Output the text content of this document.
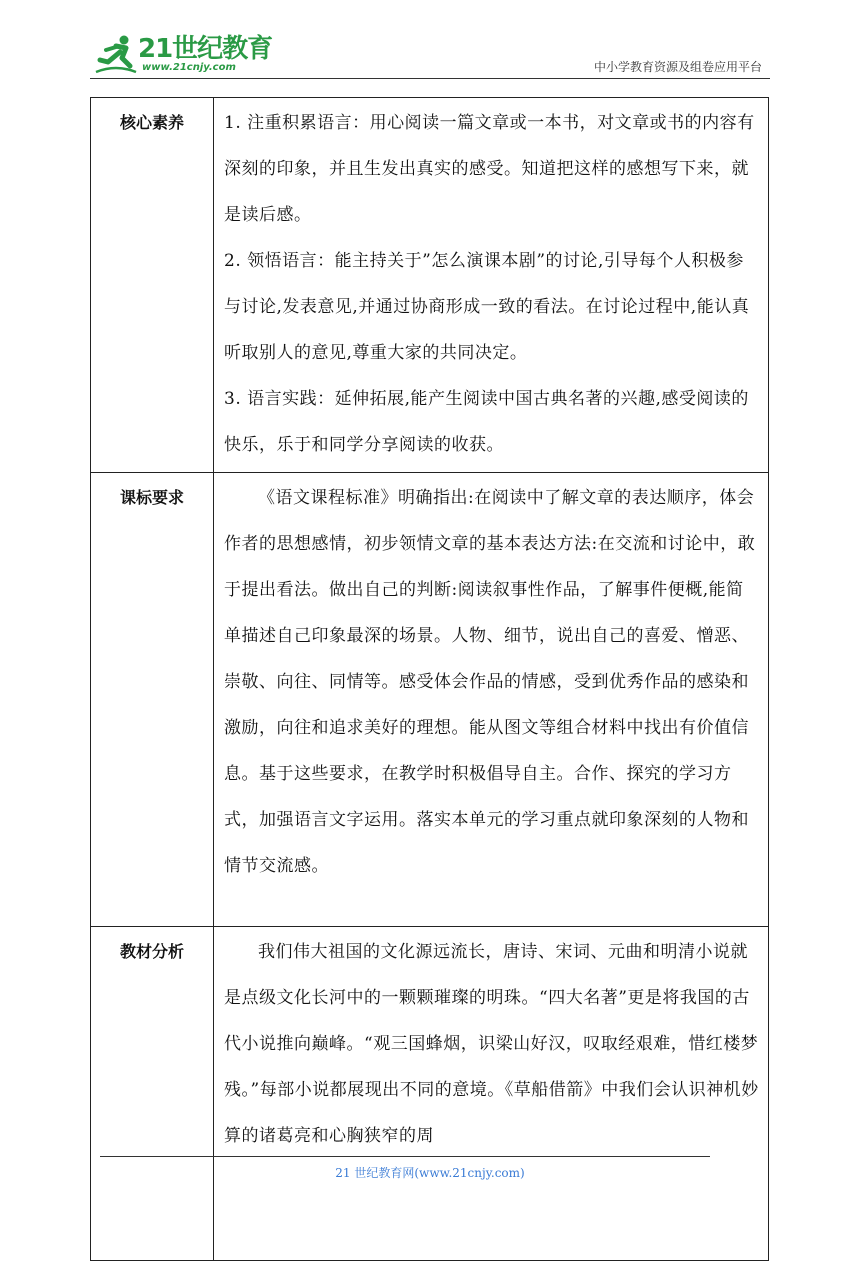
21世纪教育
www.21cnjy.com	中小学教育资源及组卷应用平台
核心素养	1. 注重积累语言：用心阅读一篇文章或一本书，对文章或书的内容有深刻的印象，并且生发出真实的感受。知道把这样的感想写下来，就是读后感。

2. 领悟语言：能主持关于”怎么演课本剧”的讨论,引导每个人积极参与讨论,发表意见,并通过协商形成一致的看法。在讨论过程中,能认真听取别人的意见,尊重大家的共同决定。

3. 语言实践：延伸拓展,能产生阅读中国古典名著的兴趣,感受阅读的快乐，乐于和同学分享阅读的收获。

课标要求	《语文课程标准》明确指出:在阅读中了解文章的表达顺序，体会作者的思想感情，初步领情文章的基本表达方法:在交流和讨论中，敢于提出看法。做出自己的判断:阅读叙事性作品，了解事件便概,能简单描述自己印象最深的场景。人物、细节，说出自己的喜爱、憎恶、崇敬、向往、同情等。感受体会作品的情感，受到优秀作品的感染和激励，向往和追求美好的理想。能从图文等组合材料中找出有价值信息。基于这些要求，在教学时积极倡导自主。合作、探究的学习方式，加强语言文字运用。落实本单元的学习重点就印象深刻的人物和情节交流感。

教材分析	我们伟大祖国的文化源远流长，唐诗、宋词、元曲和明清小说就是点级文化长河中的一颗颗璀璨的明珠。“四大名著”更是将我国的古代小说推向巅峰。“观三国蜂烟，识梁山好汉，叹取经艰难，惜红楼梦残。”每部小说都展现出不同的意境。《草船借箭》中我们会认识神机妙算的诸葛亮和心胸狭窄的周

21 世纪教育网(www.21cnjy.com)
